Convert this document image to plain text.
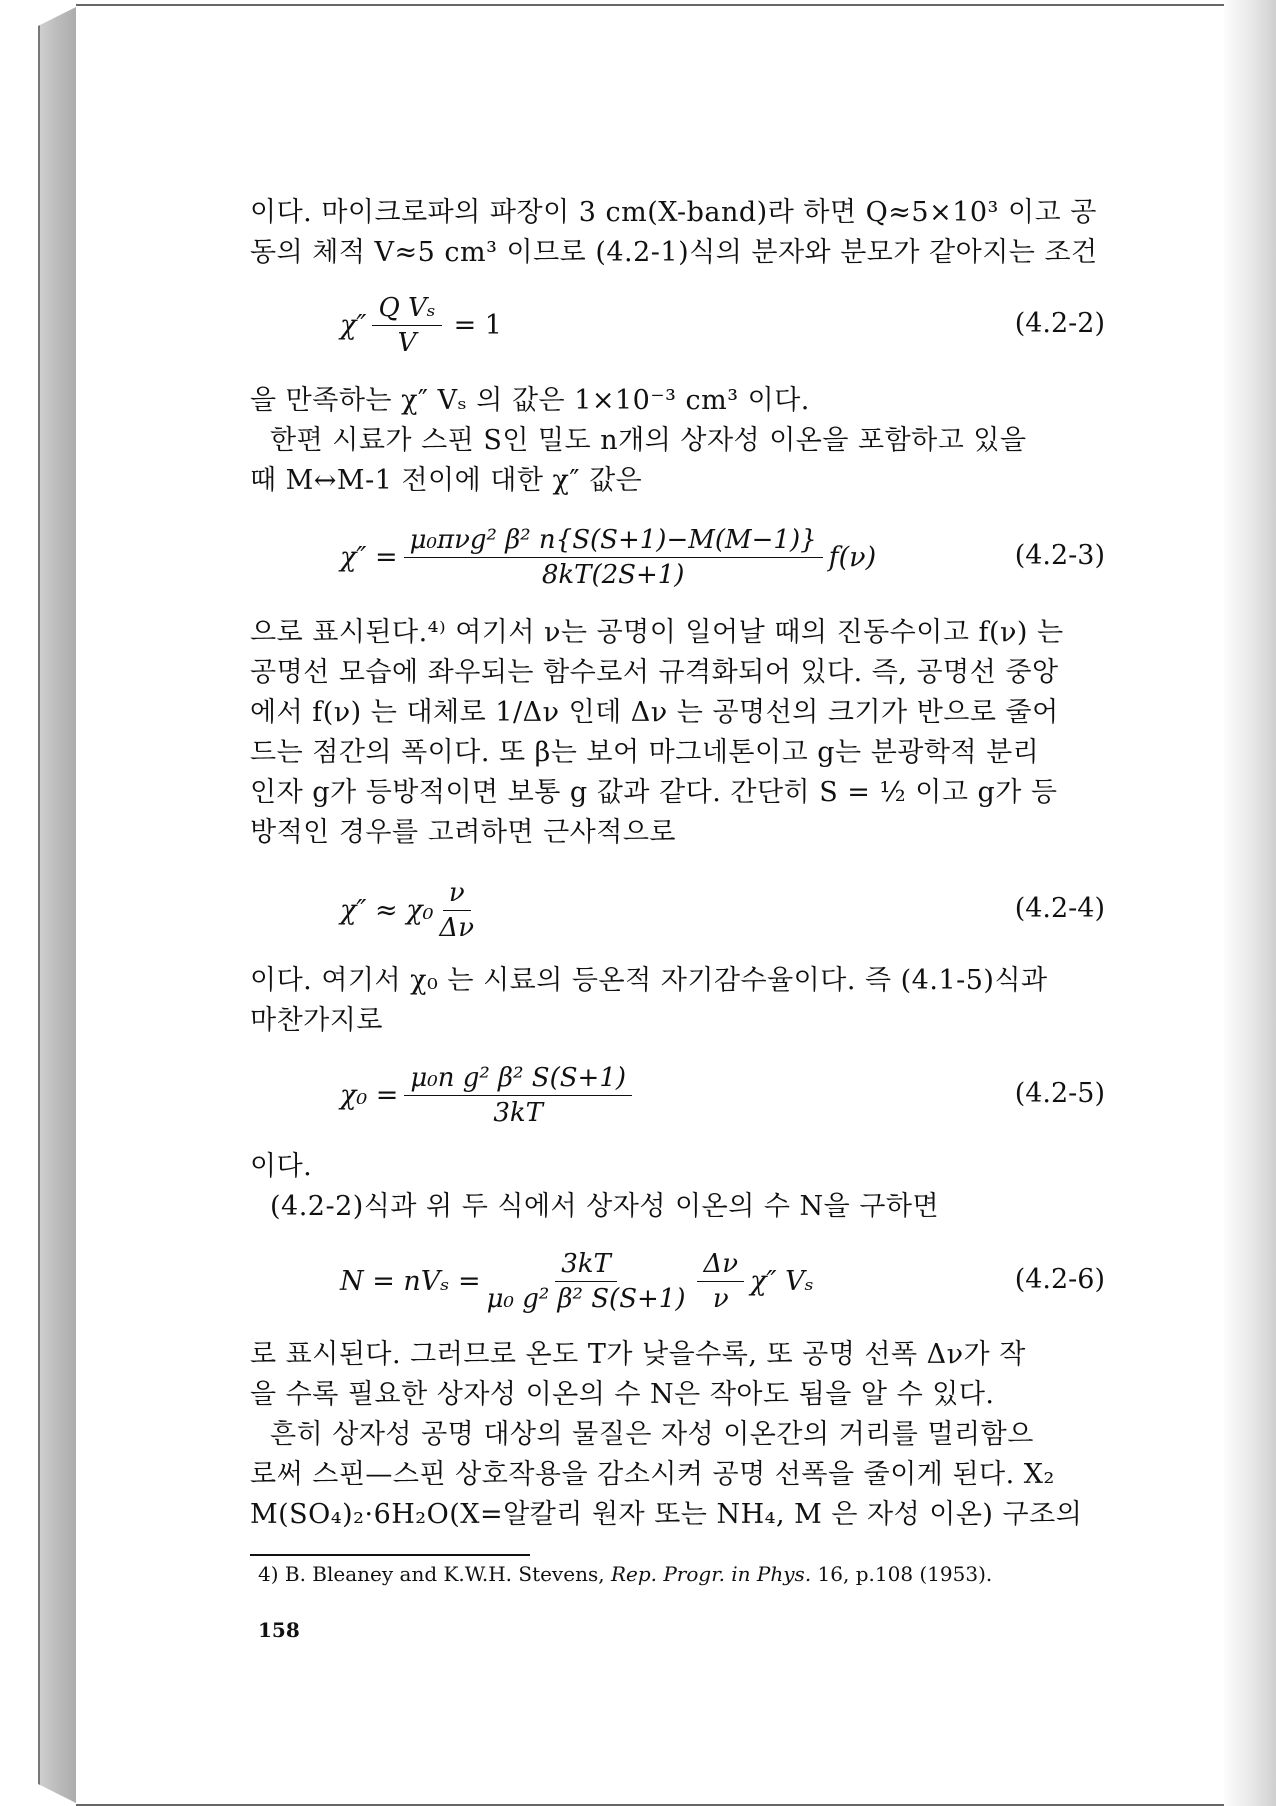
이다. 마이크로파의 파장이 3 cm(X-band)라 하면 Q≈5×10³ 이고 공
동의 체적 V≈5 cm³ 이므로 (4.2-1)식의 분자와 분모가 같아지는 조건
$\chi'' \frac{\text{Q Vₛ}}{V} = 1$	(4.2-2)
을 만족하는 χ″ Vₛ 의 값은 1×10⁻³ cm³ 이다.
한편 시료가 스핀 S인 밀도 n개의 상자성 이온을 포함하고 있을
때 M↔M-1 전이에 대한 χ″ 값은
$\chi'' = \frac{\text{μ₀πνg² β² n\{S(S+1)−M(M−1)\}}}{8kT(2S+1)} f(\nu)$	(4.2-3)
으로 표시된다.⁴⁾ 여기서 ν는 공명이 일어날 때의 진동수이고 f(ν) 는
공명선 모습에 좌우되는 함수로서 규격화되어 있다. 즉, 공명선 중앙
에서 f(ν) 는 대체로 1/Δν 인데 Δν 는 공명선의 크기가 반으로 줄어
드는 점간의 폭이다. 또 β는 보어 마그네톤이고 g는 분광학적 분리
인자 g가 등방적이면 보통 g 값과 같다. 간단히 S = ½ 이고 g가 등
방적인 경우를 고려하면 근사적으로
$\chi'' \approx \chi_0 \frac{\nu}{\Delta\nu}$	(4.2-4)
이다. 여기서 χ₀ 는 시료의 등온적 자기감수율이다. 즉 (4.1-5)식과
마찬가지로
$\chi_0 = \frac{\text{μ₀n g² β² S(S+1)}}{3kT}$	(4.2-5)
이다.
(4.2-2)식과 위 두 식에서 상자성 이온의 수 N을 구하면
$N = nV_s = \frac{3kT}{\text{μ₀ g² β² S(S+1)}} \frac{\Delta\nu}{\nu} \chi''$ Vₛ	(4.2-6)
로 표시된다. 그러므로 온도 T가 낮을수록, 또 공명 선폭 Δν가 작
을 수록 필요한 상자성 이온의 수 N은 작아도 됨을 알 수 있다.
흔히 상자성 공명 대상의 물질은 자성 이온간의 거리를 멀리함으
로써 스핀—스핀 상호작용을 감소시켜 공명 선폭을 줄이게 된다. X₂
M(SO₄)₂·6H₂O(X=알칼리 원자 또는 NH₄, M 은 자성 이온) 구조의
4) B. Bleaney and K.W.H. Stevens, Rep. Progr. in Phys. 16, p.108 (1953).
158
